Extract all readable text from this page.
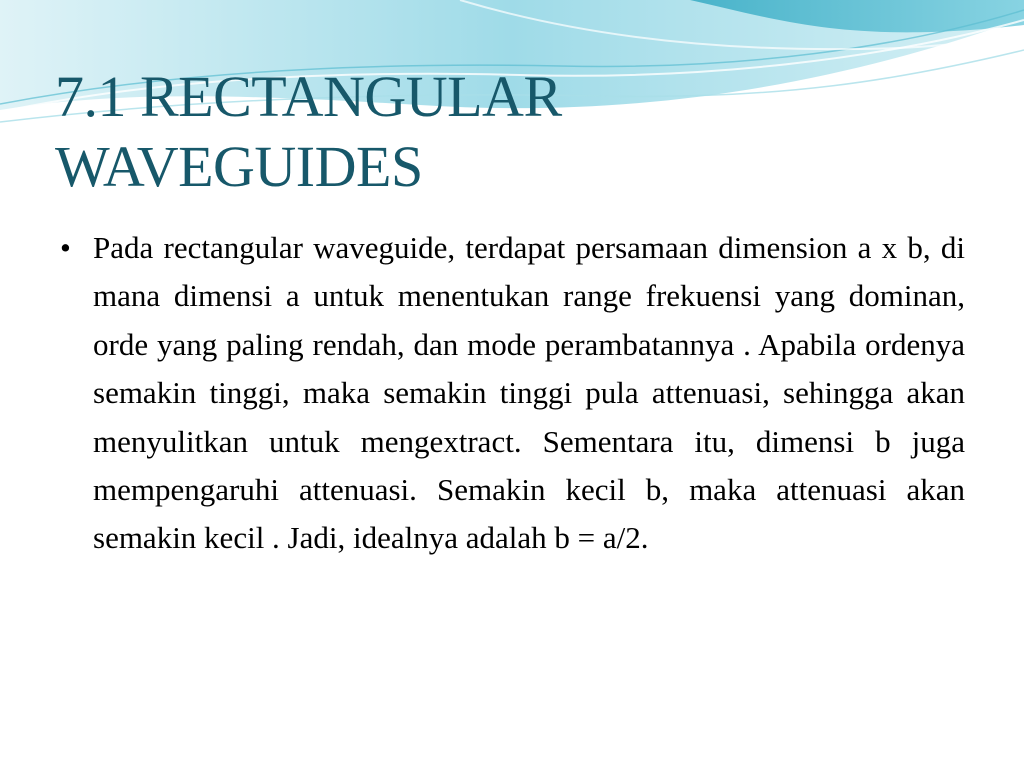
7.1 RECTANGULAR
WAVEGUIDES
• Pada rectangular waveguide, terdapat persamaan dimension a x b, di mana dimensi a untuk menentukan range frekuensi yang dominan, orde yang paling rendah, dan mode perambatannya . Apabila ordenya semakin tinggi, maka semakin tinggi pula attenuasi, sehingga akan menyulitkan untuk mengextract. Sementara itu, dimensi b juga mempengaruhi attenuasi. Semakin kecil b, maka attenuasi akan semakin kecil . Jadi, idealnya adalah b = a/2.
